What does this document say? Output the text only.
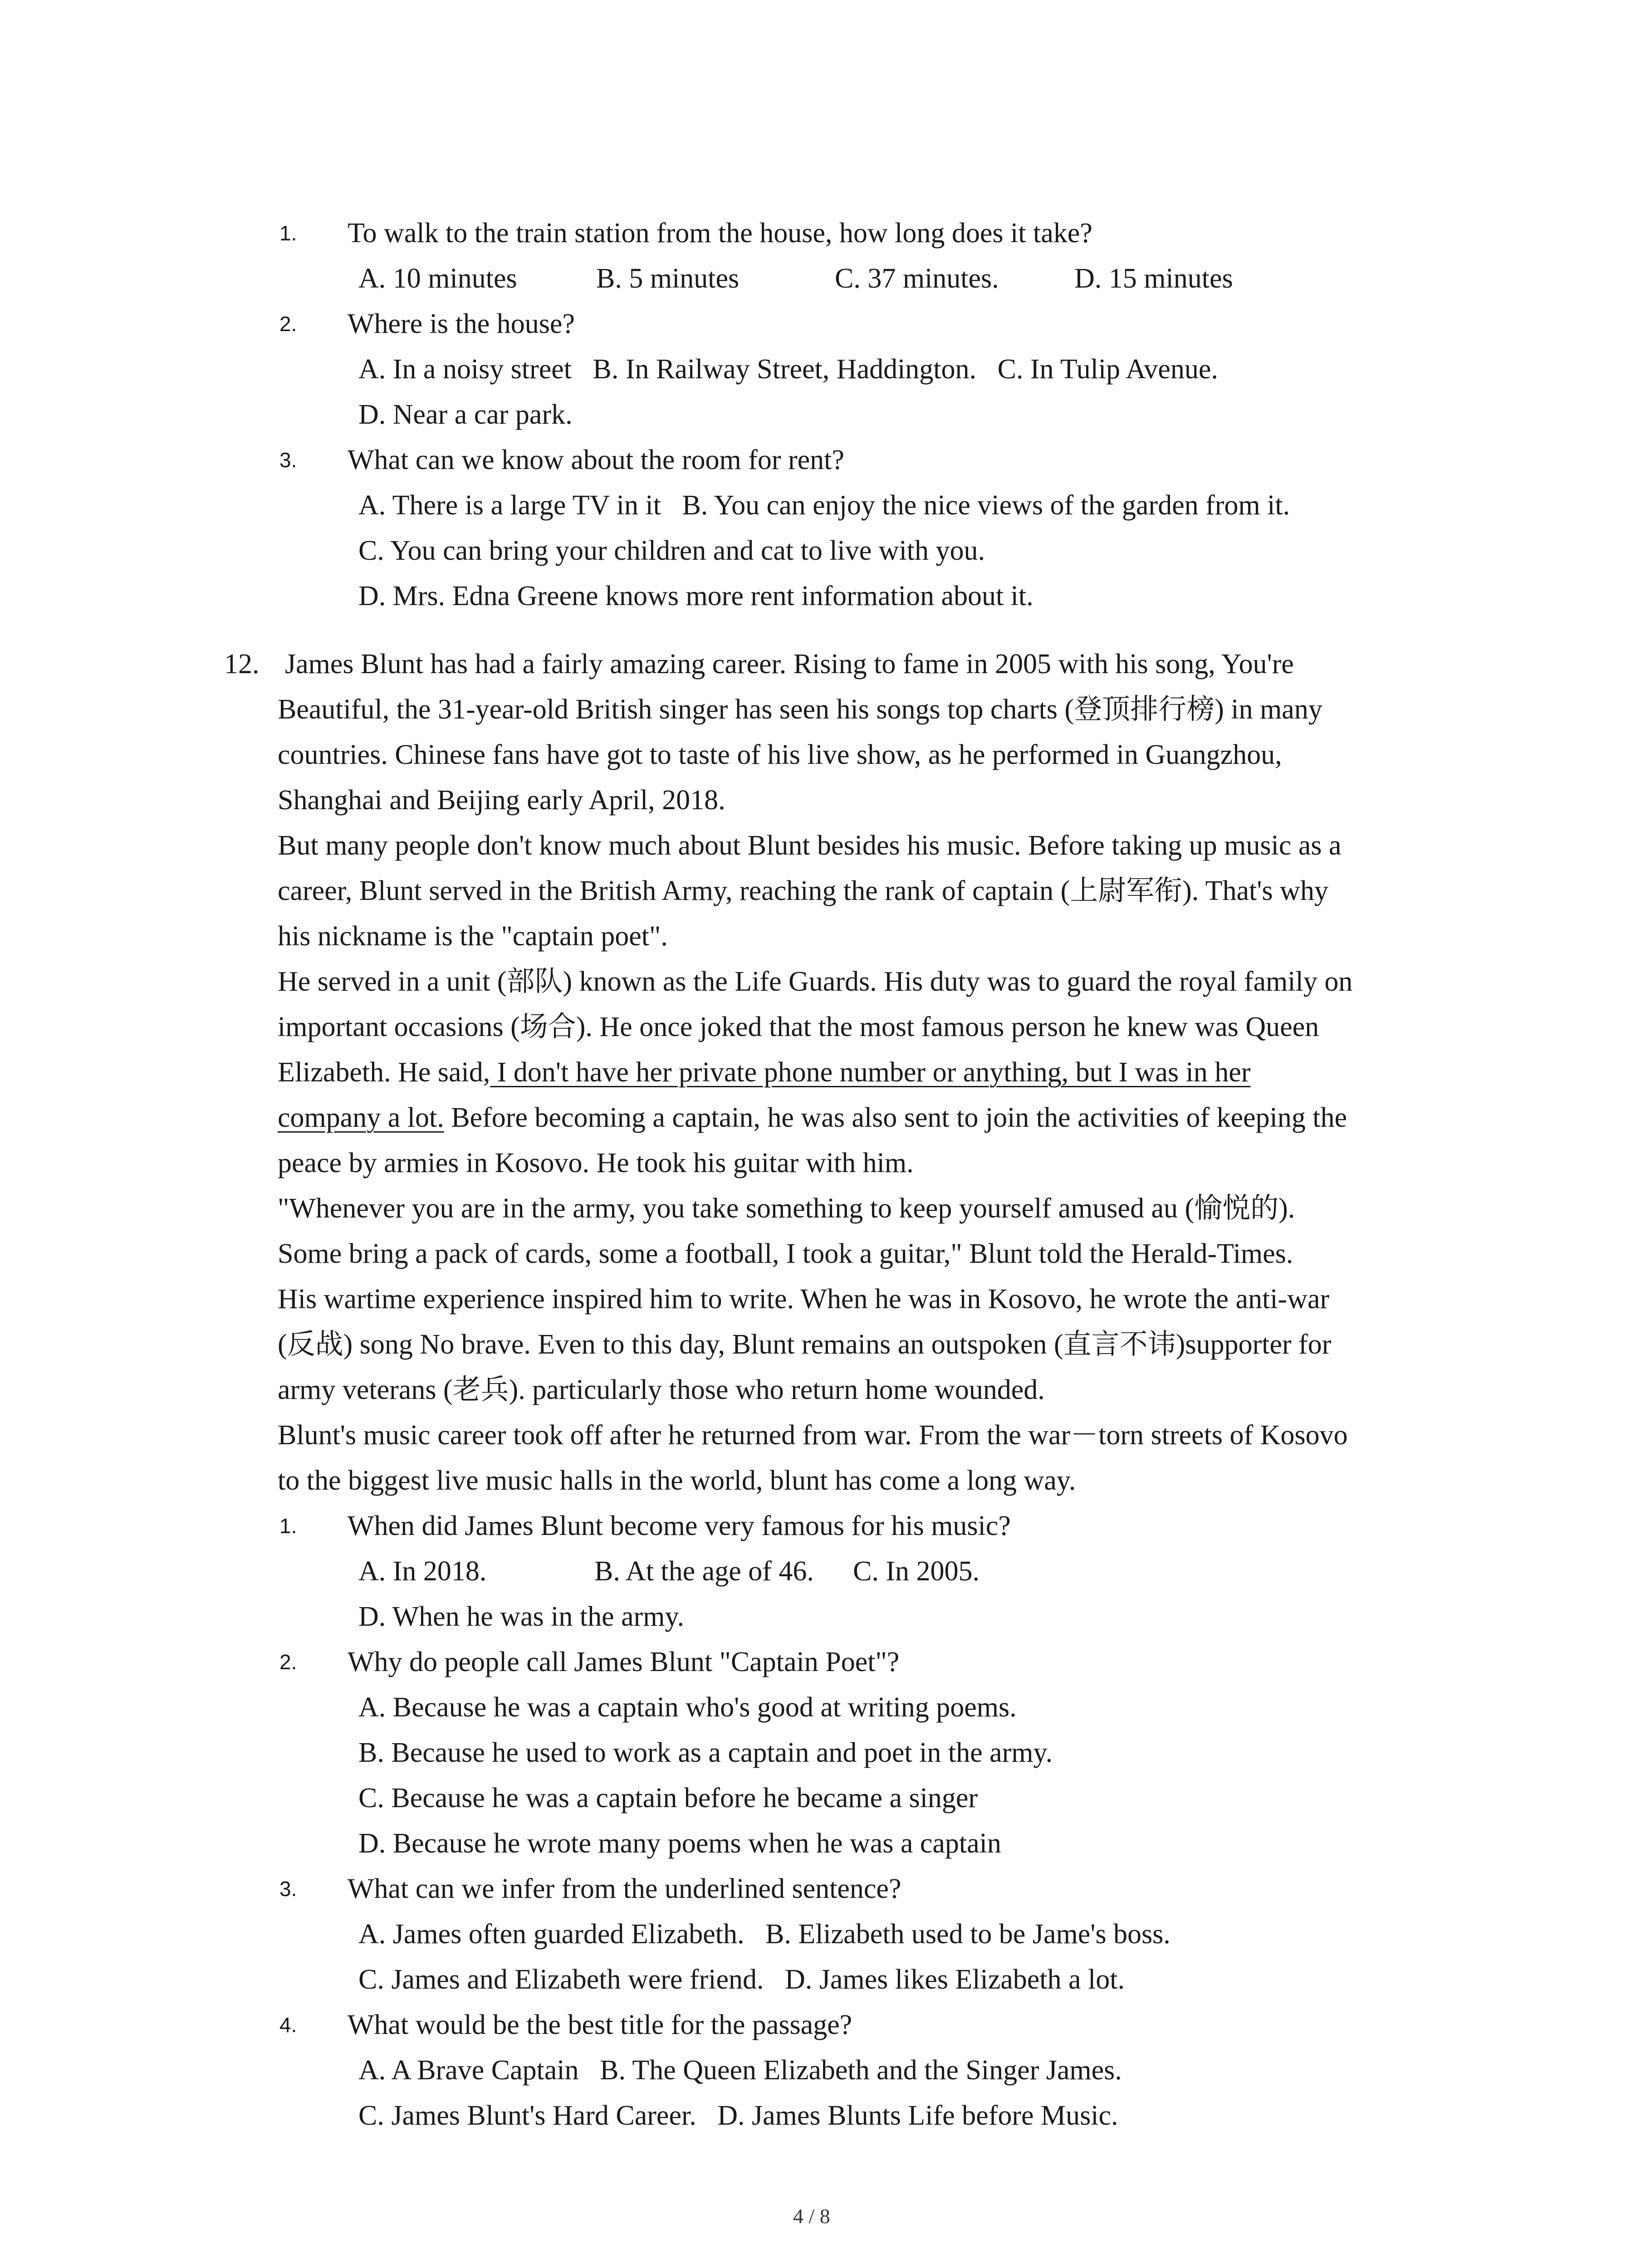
1. To walk to the train station from the house, how long does it take?
A. 10 minutes	B. 5 minutes	C. 37 minutes.	D. 15 minutes
2. Where is the house?
A. In a noisy street   B. In Railway Street, Haddington.   C. In Tulip Avenue.
D. Near a car park.
3. What can we know about the room for rent?
A. There is a large TV in it   B. You can enjoy the nice views of the garden from it.
C. You can bring your children and cat to live with you.
D. Mrs. Edna Greene knows more rent information about it.
12. James Blunt has had a fairly amazing career. Rising to fame in 2005 with his song, You're
Beautiful, the 31-year-old British singer has seen his songs top charts (登顶排行榜) in many
countries. Chinese fans have got to taste of his live show, as he performed in Guangzhou,
Shanghai and Beijing early April, 2018.
But many people don't know much about Blunt besides his music. Before taking up music as a
career, Blunt served in the British Army, reaching the rank of captain (上尉军衔). That's why
his nickname is the "captain poet".
He served in a unit (部队) known as the Life Guards. His duty was to guard the royal family on
important occasions (场合). He once joked that the most famous person he knew was Queen
Elizabeth. He said, I don't have her private phone number or anything, but I was in her
company a lot. Before becoming a captain, he was also sent to join the activities of keeping the
peace by armies in Kosovo. He took his guitar with him.
"Whenever you are in the army, you take something to keep yourself amused au (愉悦的).
Some bring a pack of cards, some a football, I took a guitar," Blunt told the Herald-Times.
His wartime experience inspired him to write. When he was in Kosovo, he wrote the anti-war
(反战) song No brave. Even to this day, Blunt remains an outspoken (直言不讳)supporter for
army veterans (老兵). particularly those who return home wounded.
Blunt's music career took off after he returned from war. From the war－torn streets of Kosovo
to the biggest live music halls in the world, blunt has come a long way.
1. When did James Blunt become very famous for his music?
A. In 2018.	B. At the age of 46. C. In 2005.
D. When he was in the army.
2. Why do people call James Blunt "Captain Poet"?
A. Because he was a captain who's good at writing poems.
B. Because he used to work as a captain and poet in the army.
C. Because he was a captain before he became a singer
D. Because he wrote many poems when he was a captain
3. What can we infer from the underlined sentence?
A. James often guarded Elizabeth.   B. Elizabeth used to be Jame's boss.
C. James and Elizabeth were friend.   D. James likes Elizabeth a lot.
4. What would be the best title for the passage?
A. A Brave Captain   B. The Queen Elizabeth and the Singer James.
C. James Blunt's Hard Career.   D. James Blunts Life before Music.
4 / 8
